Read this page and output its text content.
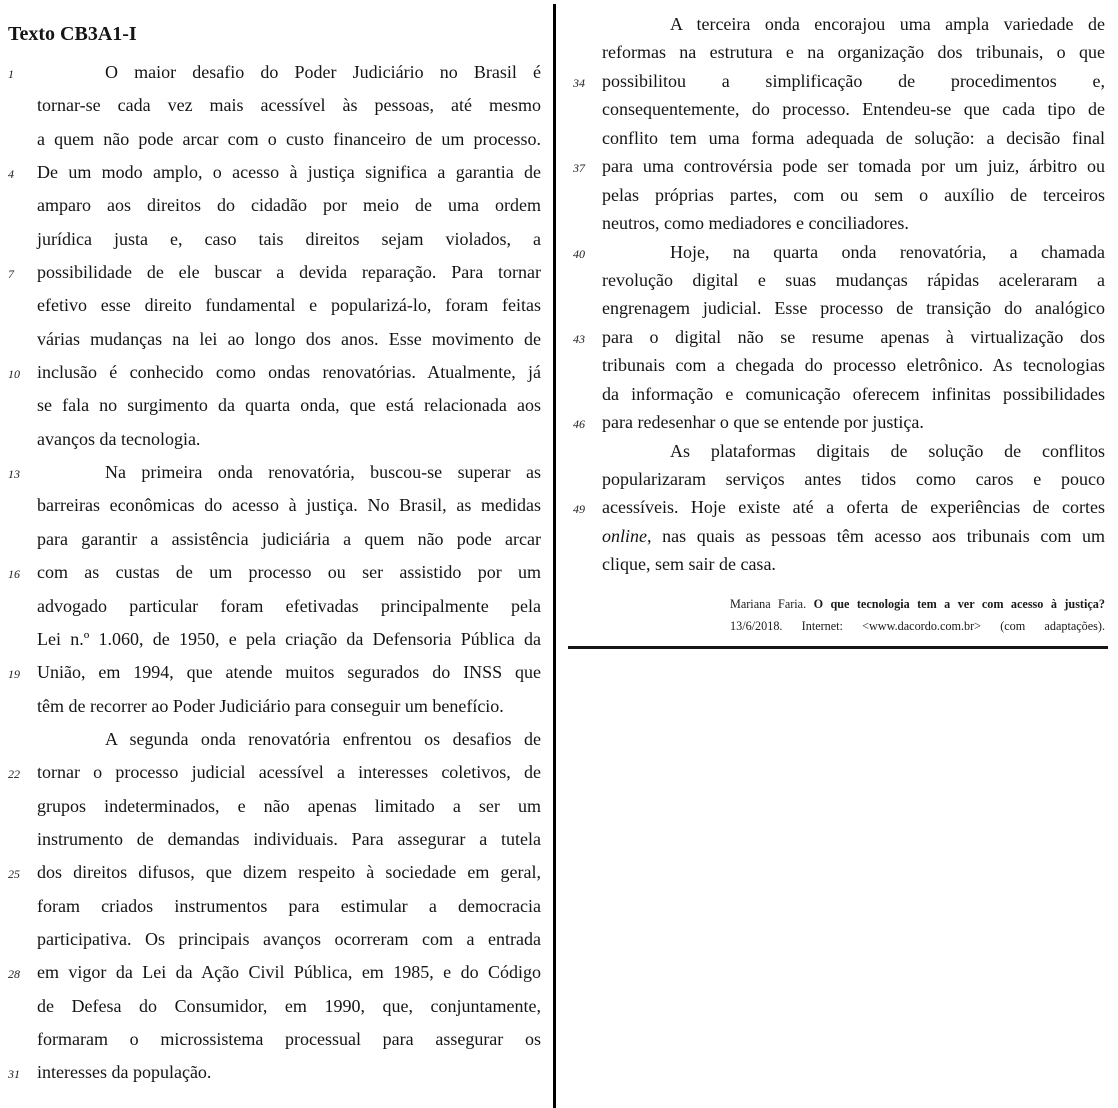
Texto CB3A1-I
1	O maior desafio do Poder Judiciário no Brasil é
tornar-se cada vez mais acessível às pessoas, até mesmo
a quem não pode arcar com o custo financeiro de um processo.
4	De um modo amplo, o acesso à justiça significa a garantia de
amparo aos direitos do cidadão por meio de uma ordem
jurídica justa e, caso tais direitos sejam violados, a
7	possibilidade de ele buscar a devida reparação. Para tornar
efetivo esse direito fundamental e popularizá-lo, foram feitas
várias mudanças na lei ao longo dos anos. Esse movimento de
10 inclusão é conhecido como ondas renovatórias. Atualmente, já
se fala no surgimento da quarta onda, que está relacionada aos
avanços da tecnologia.
13	Na primeira onda renovatória, buscou-se superar as
barreiras econômicas do acesso à justiça. No Brasil, as medidas
para garantir a assistência judiciária a quem não pode arcar
16 com as custas de um processo ou ser assistido por um
advogado particular foram efetivadas principalmente pela
Lei n.º 1.060, de 1950, e pela criação da Defensoria Pública da
19 União, em 1994, que atende muitos segurados do INSS que
têm de recorrer ao Poder Judiciário para conseguir um benefício.
A segunda onda renovatória enfrentou os desafios de
22 tornar o processo judicial acessível a interesses coletivos, de
grupos indeterminados, e não apenas limitado a ser um
instrumento de demandas individuais. Para assegurar a tutela
25 dos direitos difusos, que dizem respeito à sociedade em geral,
foram criados instrumentos para estimular a democracia
participativa. Os principais avanços ocorreram com a entrada
28 em vigor da Lei da Ação Civil Pública, em 1985, e do Código
de Defesa do Consumidor, em 1990, que, conjuntamente,
formaram o microssistema processual para assegurar os
31 interesses da população.
A terceira onda encorajou uma ampla variedade de
reformas na estrutura e na organização dos tribunais, o que
34 possibilitou a simplificação de procedimentos e,
consequentemente, do processo. Entendeu-se que cada tipo de
conflito tem uma forma adequada de solução: a decisão final
37 para uma controvérsia pode ser tomada por um juiz, árbitro ou
pelas próprias partes, com ou sem o auxílio de terceiros
neutros, como mediadores e conciliadores.
40	Hoje, na quarta onda renovatória, a chamada
revolução digital e suas mudanças rápidas aceleraram a
engrenagem judicial. Esse processo de transição do analógico
43 para o digital não se resume apenas à virtualização dos
tribunais com a chegada do processo eletrônico. As tecnologias
da informação e comunicação oferecem infinitas possibilidades
46 para redesenhar o que se entende por justiça.
As plataformas digitais de solução de conflitos
popularizaram serviços antes tidos como caros e pouco
49 acessíveis. Hoje existe até a oferta de experiências de cortes
online, nas quais as pessoas têm acesso aos tribunais com um
clique, sem sair de casa.
Mariana Faria. O que tecnologia tem a ver com acesso à justiça?
13/6/2018. Internet: <www.dacordo.com.br> (com adaptações).
